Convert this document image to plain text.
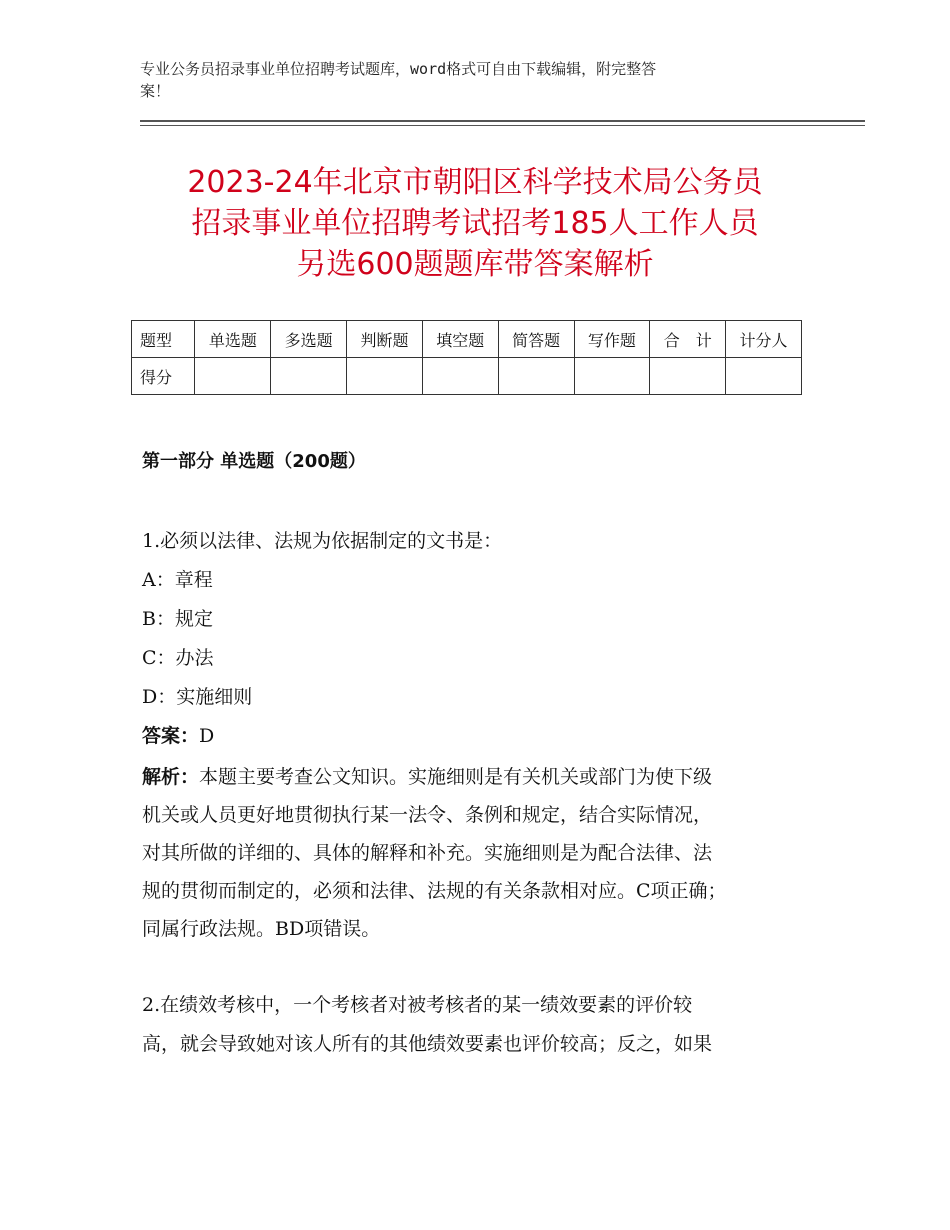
专业公务员招录事业单位招聘考试题库，word格式可自由下载编辑，附完整答
案！
2023-24年北京市朝阳区科学技术局公务员
招录事业单位招聘考试招考185人工作人员
另选600题题库带答案解析
题型	单选题	多选题	判断题	填空题	简答题	写作题	合　计	计分人
得分								
第一部分 单选题（200题）
1.必须以法律、法规为依据制定的文书是：
A：章程
B：规定
C：办法
D：实施细则
答案：D
解析：本题主要考查公文知识。实施细则是有关机关或部门为使下级
机关或人员更好地贯彻执行某一法令、条例和规定，结合实际情况，
对其所做的详细的、具体的解释和补充。实施细则是为配合法律、法
规的贯彻而制定的，必须和法律、法规的有关条款相对应。C项正确；
同属行政法规。BD项错误。
2.在绩效考核中，一个考核者对被考核者的某一绩效要素的评价较
高，就会导致她对该人所有的其他绩效要素也评价较高；反之，如果
